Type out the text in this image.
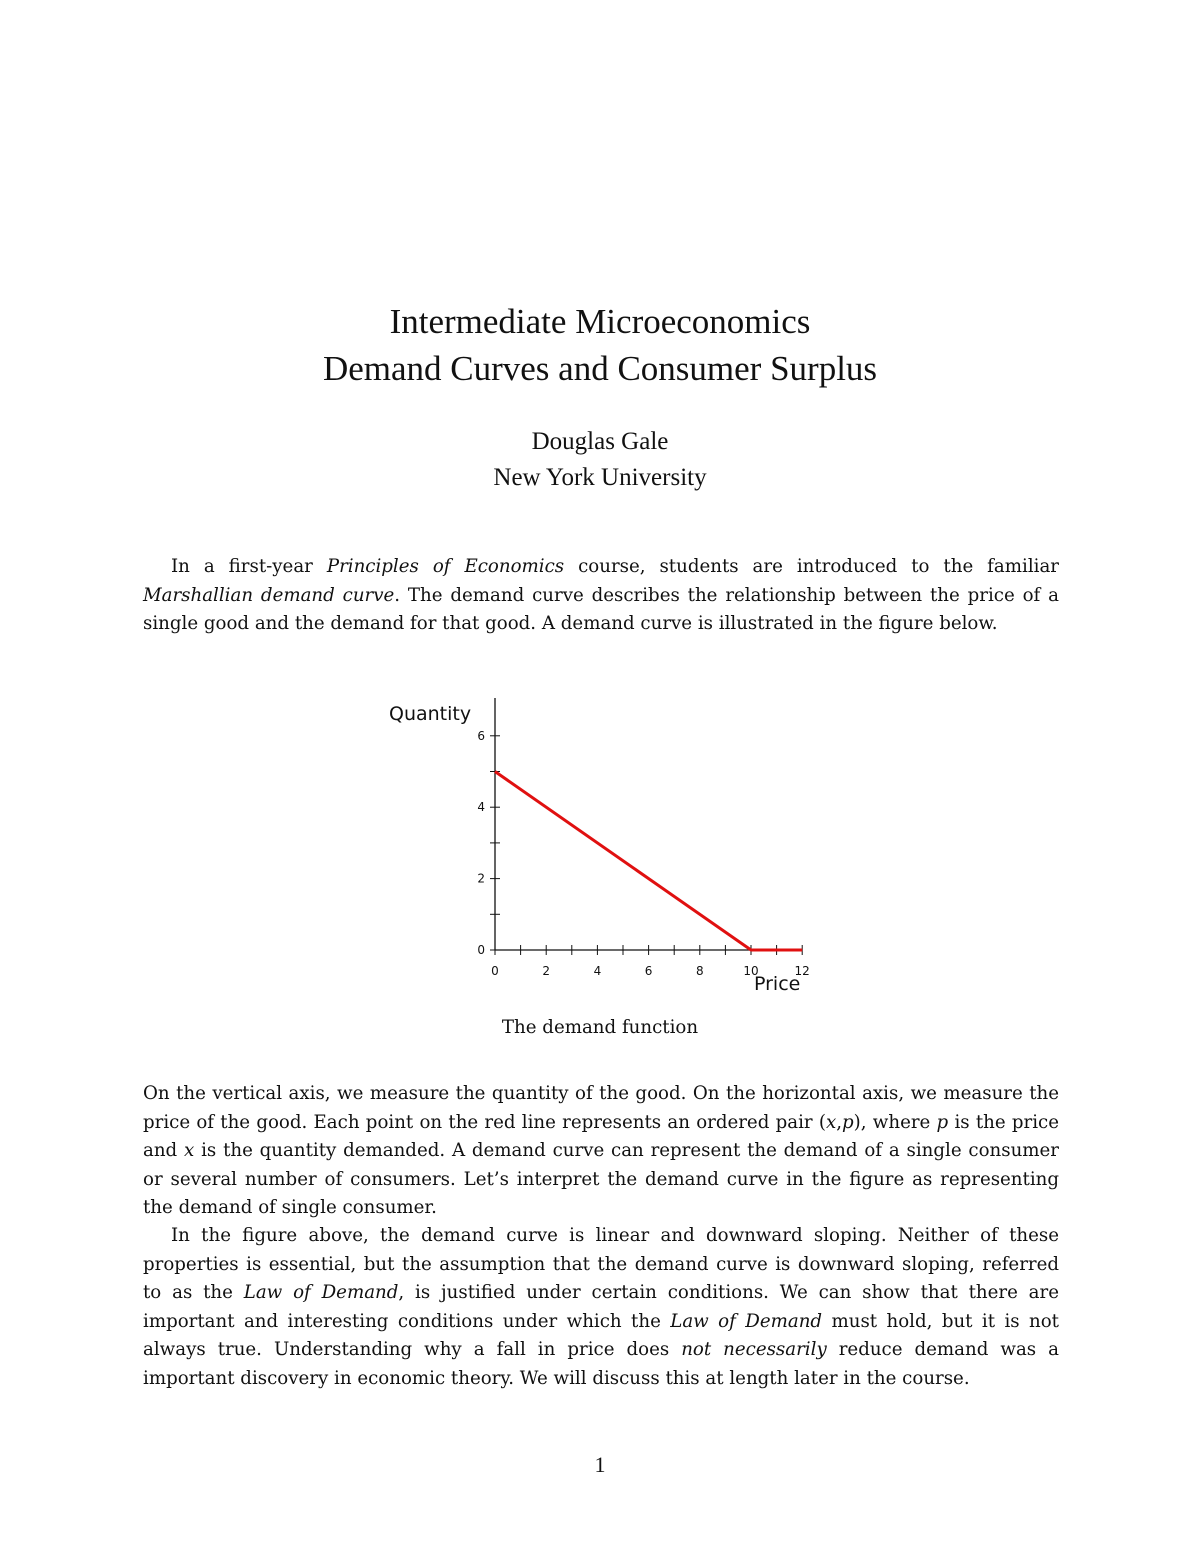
Intermediate Microeconomics
Demand Curves and Consumer Surplus
Douglas Gale
New York University

In a first-year Principles of Economics course, students are introduced to the familiar Marshallian demand curve. The demand curve describes the relationship between the price of a single good and the demand for that good. A demand curve is illustrated in the figure below.

0	2	4	6	8	10	12
0
2
4
6
Quantity
Price
The demand function

On the vertical axis, we measure the quantity of the good. On the horizontal axis, we measure the price of the good. Each point on the red line represents an ordered pair (x,p), where p is the price and x is the quantity demanded. A demand curve can represent the demand of a single consumer or several number of consumers. Let’s interpret the demand curve in the figure as representing the demand of single consumer.

In the figure above, the demand curve is linear and downward sloping. Neither of these properties is essential, but the assumption that the demand curve is downward sloping, referred to as the Law of Demand, is justified under certain conditions. We can show that there are important and interesting conditions under which the Law of Demand must hold, but it is not always true. Understanding why a fall in price does not necessarily reduce demand was a important discovery in economic theory. We will discuss this at length later in the course.

1
